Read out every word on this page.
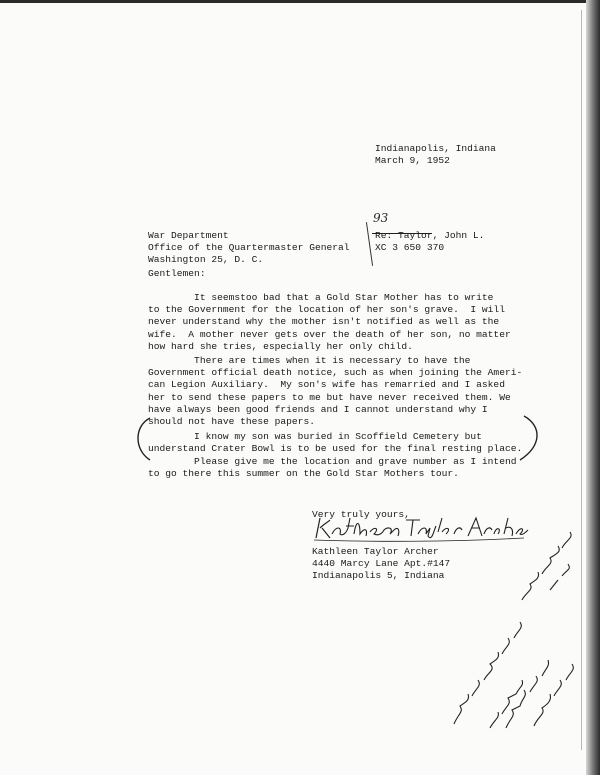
Indianapolis, Indiana
March 9, 1952
War Department
Office of the Quartermaster General
Washington 25, D. C.
93
Re: Taylor, John L.
XC 3 650 370
Gentlemen:
It seemstoo bad that a Gold Star Mother has to write
to the Government for the location of her son's grave.  I will
never understand why the mother isn't notified as well as the
wife.  A mother never gets over the death of her son, no matter
how hard she tries, especially her only child.
There are times when it is necessary to have the
Government official death notice, such as when joining the Ameri-
can Legion Auxiliary.  My son's wife has remarried and I asked
her to send these papers to me but have never received them. We
have always been good friends and I cannot understand why I
should not have these papers.
I know my son was buried in Scoffield Cemetery but
understand Crater Bowl is to be used for the final resting place.
Please give me the location and grave number as I intend
to go there this summer on the Gold Star Mothers tour.
Very truly yours,
Kathleen Taylor Archer
4440 Marcy Lane Apt.#147
Indianapolis 5, Indiana
